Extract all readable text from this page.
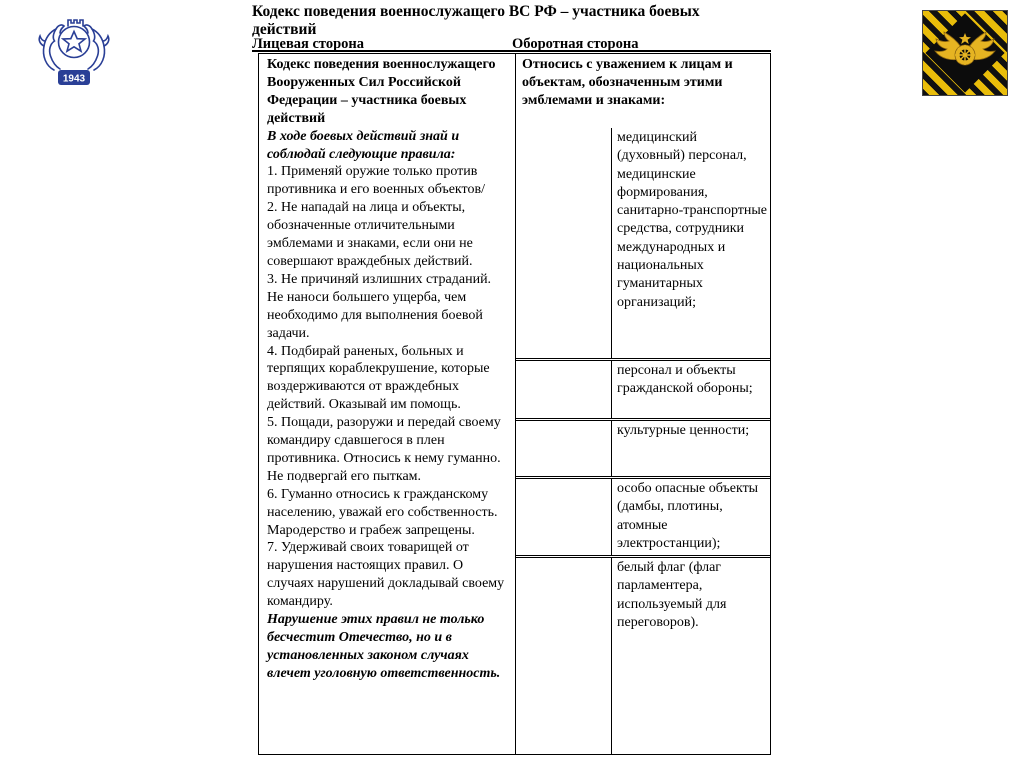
1943
Кодекс поведения военнослужащего ВС РФ – участника боевых действий
Лицевая сторона	Оборотная сторона

Кодекс поведения военнослужащего Вооруженных Сил Российской Федерации – участника боевых действий

В ходе боевых действий знай и соблюдай следующие правила:

1. Применяй оружие только против противника и его военных объектов/

2. Не нападай на лица и объекты, обозначенные отличительными эмблемами и знаками, если они не совершают враждебных действий.

3. Не причиняй излишних страданий. Не наноси большего ущерба, чем необходимо для выполнения боевой задачи.

4. Подбирай раненых, больных и терпящих кораблекрушение, которые воздерживаются от враждебных действий. Оказывай им помощь.

5. Пощади, разоружи и передай своему командиру сдавшегося в плен противника. Относись к нему гуманно. Не подвергай его пыткам.

6. Гуманно относись к гражданскому населению, уважай его собственность. Мародерство и грабеж запрещены.

7. Удерживай своих товарищей от нарушения настоящих правил. О случаях нарушений докладывай своему командиру.

Нарушение этих правил не только бесчестит Отечество, но и в установленных законом случаях влечет уголовную ответственность.

Относись с уважением к лицам и объектам, обозначенным этими эмблемами и знаками:
медицинский (духовный) персонал, медицинские формирования, санитарно-транспортные средства, сотрудники международных и национальных гуманитарных организаций;
персонал и объекты гражданской обороны;
культурные ценности;
особо опасные объекты (дамбы, плотины, атомные электростанции);
белый флаг (флаг парламентера, используемый для переговоров).
